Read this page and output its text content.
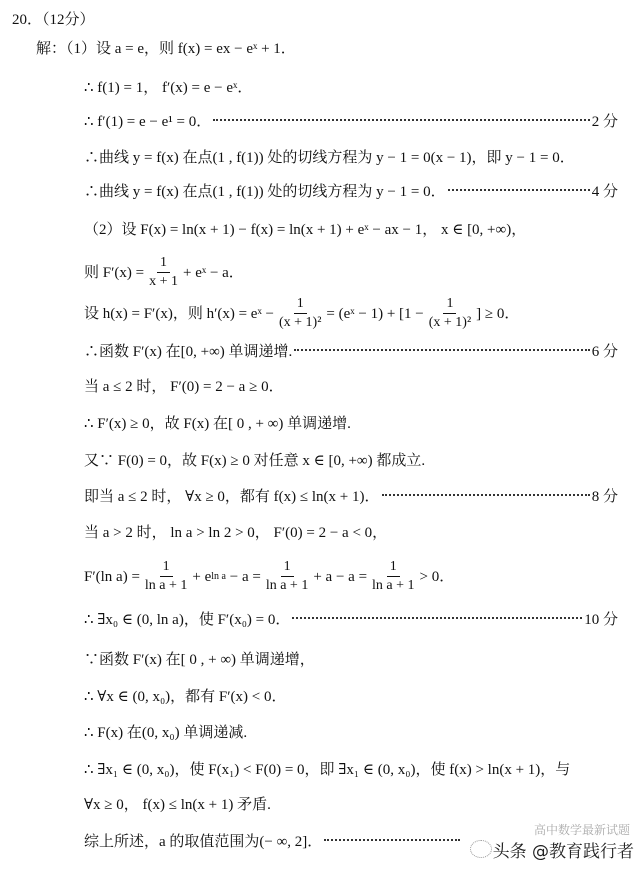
20．（12分）
解：（1）设 a = e，则 f(x) = ex − eˣ + 1．
∴ f(1) = 1， f′(x) = e − eˣ．
∴ f′(1) = e − e¹ = 0．	2 分
∴曲线 y = f(x) 在点(1 , f(1)) 处的切线方程为 y − 1 = 0(x − 1)，即 y − 1 = 0．
∴曲线 y = f(x) 在点(1 , f(1)) 处的切线方程为 y − 1 = 0．	4 分
（2）设 F(x) = ln(x + 1) − f(x) = ln(x + 1) + eˣ − ax − 1， x ∈ [0, +∞)，
则 $F'(x) = \frac{1}{x + 1}$ + eˣ − a．
设 h(x) = F′(x)，则 h′(x) = eˣ − $\frac{1}{\text{(x + 1)²}}$ = (eˣ − $1) + [1 - \frac{1}{\text{(x + 1)²}}$ ] ≥ 0．
∴函数 F′(x) 在[0, +∞) 单调递增.	6 分
当 a ≤ 2 时， F′(0) = 2 − a ≥ 0．
∴ F′(x) ≥ 0，故 F(x) 在[ 0 , + ∞) 单调递增.
又∵ F(0) = 0，故 F(x) ≥ 0 对任意 x ∈ [0, +∞) 都成立.
即当 a ≤ 2 时， ∀x ≥ 0，都有 f(x) ≤ ln(x + 1)．	8 分
当 a > 2 时， ln a > ln 2 > 0， F′(0) = 2 − a < 0，
F′(ln $a) = \frac{1}{\text{ln a + 1}} + e$ ln a
− $a = \frac{1}{\text{ln a + 1}} + a - a = \frac{1}{\text{ln a + 1}} > 0$．
∴ ∃x₀ ∈ (0, ln a)，使 F′(x₀) = 0．	10 分
∵函数 F′(x) 在[ 0 , + ∞) 单调递增，
∴ ∀x ∈ (0, x₀)，都有 F′(x) < 0．
∴ F(x) 在(0, x₀) 单调递减.
∴ ∃x₁ ∈ (0, x₀)，使 F(x₁) < F(0) = 0，即 ∃x₁ ∈ (0, x₀)，使 f(x) > ln(x + 1)，与
∀x ≥ 0， f(x) ≤ ln(x + 1) 矛盾.
综上所述，a 的取值范围为(− ∞, 2]．
高中数学最新试题
头条 @教育践行者
